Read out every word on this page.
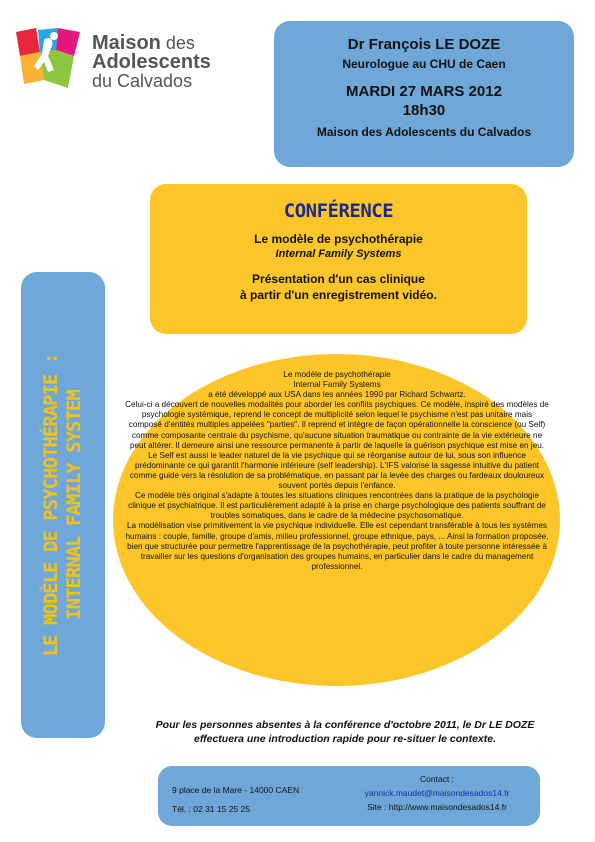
Maison des
Adolescents
du Calvados
Dr François LE DOZE
Neurologue au CHU de Caen
MARDI 27 MARS 2012
18h30
Maison des Adolescents du Calvados
CONFÉRENCE
Le modèle de psychothérapie
Internal Family Systems
Présentation d'un cas clinique
à partir d'un enregistrement vidéo.
LE MODÈLE DE PSYCHOTHÉRAPIE : INTERNAL FAMILY SYSTEM

Le modèle de psychothérapie

Internal Family Systems

a été développé aux USA dans les années 1990 par Richard Schwartz.

Celui-ci a découvert de nouvelles modalités pour aborder les conflits psychiques. Ce modèle, inspiré des modèles de psychologie systémique, reprend le concept de multiplicité selon lequel le psychisme n'est pas unitaire mais composé d'entités multiples appelées "parties". Il reprend et intègre de façon opérationnelle la conscience (ou Self) comme composante centrale du psychisme, qu'aucune situation traumatique ou contrainte de la vie extérieure ne peut altérer. Il demeure ainsi une ressource permanente à partir de laquelle la guérison psychique est mise en jeu. Le Self est aussi le leader naturel de la vie psychique qui se réorganise autour de lui, sous son influence prédominante ce qui garantit l'harmonie intérieure (self leadership). L'IFS valorise la sagesse intuitive du patient comme guide vers la résolution de sa problématique, en passant par la levée des charges ou fardeaux douloureux souvent portés depuis l'enfance.

Ce modèle très original s'adapte à toutes les situations cliniques rencontrées dans la pratique de la psychologie clinique et psychiatrique. Il est particulièrement adapté à la prise en charge psychologique des patients souffrant de troubles somatiques, dans le cadre de la médecine psychosomatique.

La modélisation vise primitivement la vie psychique individuelle. Elle est cependant transférable à tous les systèmes humains : couple, famille, groupe d'amis, milieu professionnel, groupe ethnique, pays, ... Ainsi la formation proposée, bien que structurée pour permettre l'apprentissage de la psychothérapie, peut profiter à toute personne intéressée à travailler sur les questions d'organisation des groupes humains, en particulier dans le cadre du management professionnel.

Pour les personnes absentes à la conférence d'octobre 2011, le Dr LE DOZE effectuera une introduction rapide pour re-situer le contexte.
9 place de la Mare - 14000 CAEN
Tél. : 02 31 15 25 25
Contact :
yannick.maudet@maisondesados14.fr
Site : http://www.maisondesados14.fr
